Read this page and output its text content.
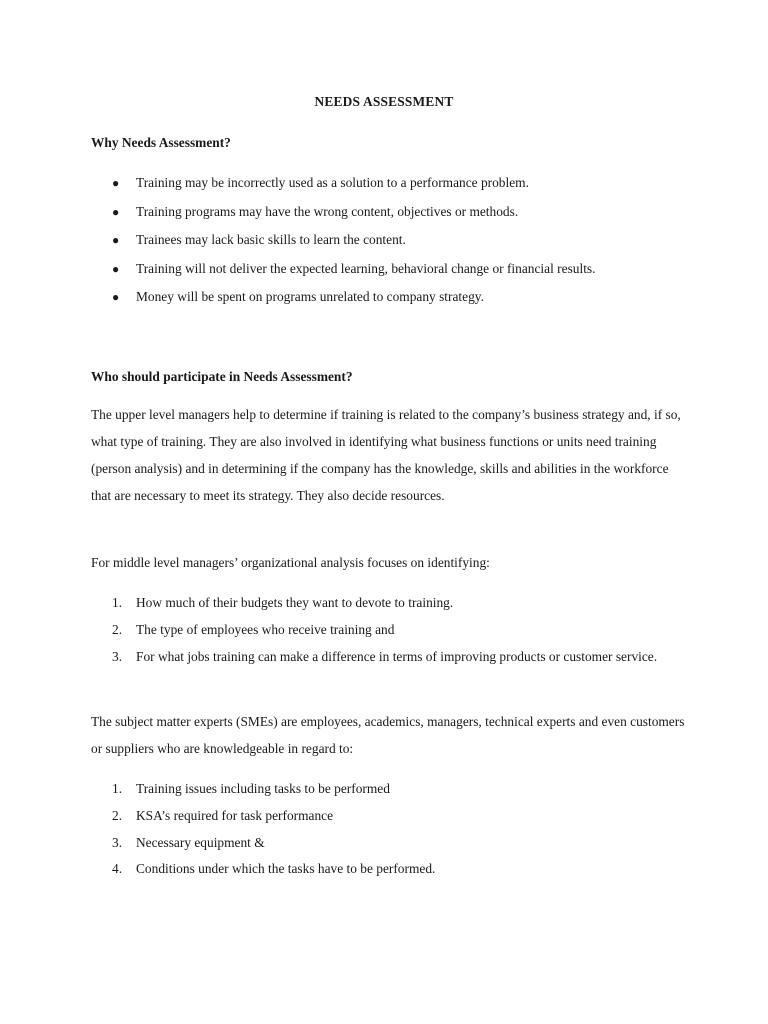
NEEDS ASSESSMENT
Why Needs Assessment?
● Training may be incorrectly used as a solution to a performance problem.
● Training programs may have the wrong content, objectives or methods.
● Trainees may lack basic skills to learn the content.
● Training will not deliver the expected learning, behavioral change or financial results.
● Money will be spent on programs unrelated to company strategy.
Who should participate in Needs Assessment?

The upper level managers help to determine if training is related to the company’s business strategy and, if so, what type of training. They are also involved in identifying what business functions or units need training (person analysis) and in determining if the company has the knowledge, skills and abilities in the workforce that are necessary to meet its strategy. They also decide resources.

For middle level managers’ organizational analysis focuses on identifying:

1. How much of their budgets they want to devote to training.
2. The type of employees who receive training and
3. For what jobs training can make a difference in terms of improving products or customer service.

The subject matter experts (SMEs) are employees, academics, managers, technical experts and even customers or suppliers who are knowledgeable in regard to:

1. Training issues including tasks to be performed
2. KSA’s required for task performance
3. Necessary equipment &
4. Conditions under which the tasks have to be performed.
